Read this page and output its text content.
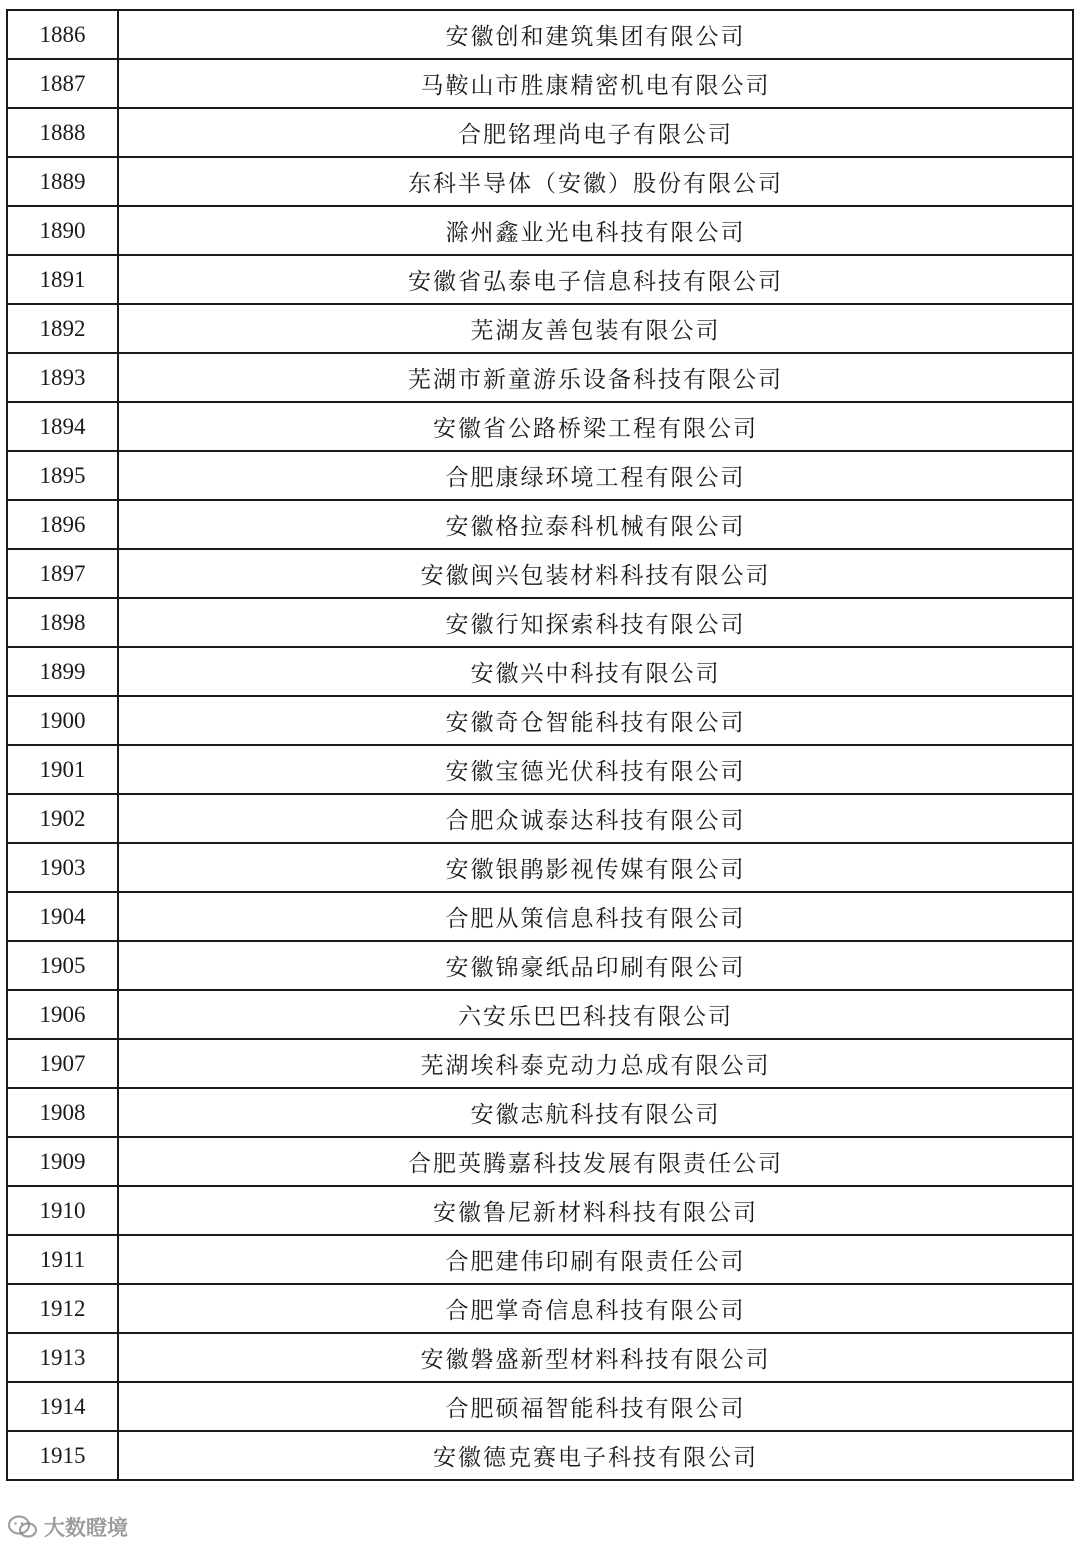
1886	安徽创和建筑集团有限公司
1887	马鞍山市胜康精密机电有限公司
1888	合肥铭理尚电子有限公司
1889	东科半导体（安徽）股份有限公司
1890	滁州鑫业光电科技有限公司
1891	安徽省弘泰电子信息科技有限公司
1892	芜湖友善包装有限公司
1893	芜湖市新童游乐设备科技有限公司
1894	安徽省公路桥梁工程有限公司
1895	合肥康绿环境工程有限公司
1896	安徽格拉泰科机械有限公司
1897	安徽闽兴包装材料科技有限公司
1898	安徽行知探索科技有限公司
1899	安徽兴中科技有限公司
1900	安徽奇仓智能科技有限公司
1901	安徽宝德光伏科技有限公司
1902	合肥众诚泰达科技有限公司
1903	安徽银鹃影视传媒有限公司
1904	合肥从策信息科技有限公司
1905	安徽锦豪纸品印刷有限公司
1906	六安乐巴巴科技有限公司
1907	芜湖埃科泰克动力总成有限公司
1908	安徽志航科技有限公司
1909	合肥英腾嘉科技发展有限责任公司
1910	安徽鲁尼新材料科技有限公司
1911	合肥建伟印刷有限责任公司
1912	合肥掌奇信息科技有限公司
1913	安徽磐盛新型材料科技有限公司
1914	合肥硕福智能科技有限公司
1915	安徽德克赛电子科技有限公司
大数瞪境
